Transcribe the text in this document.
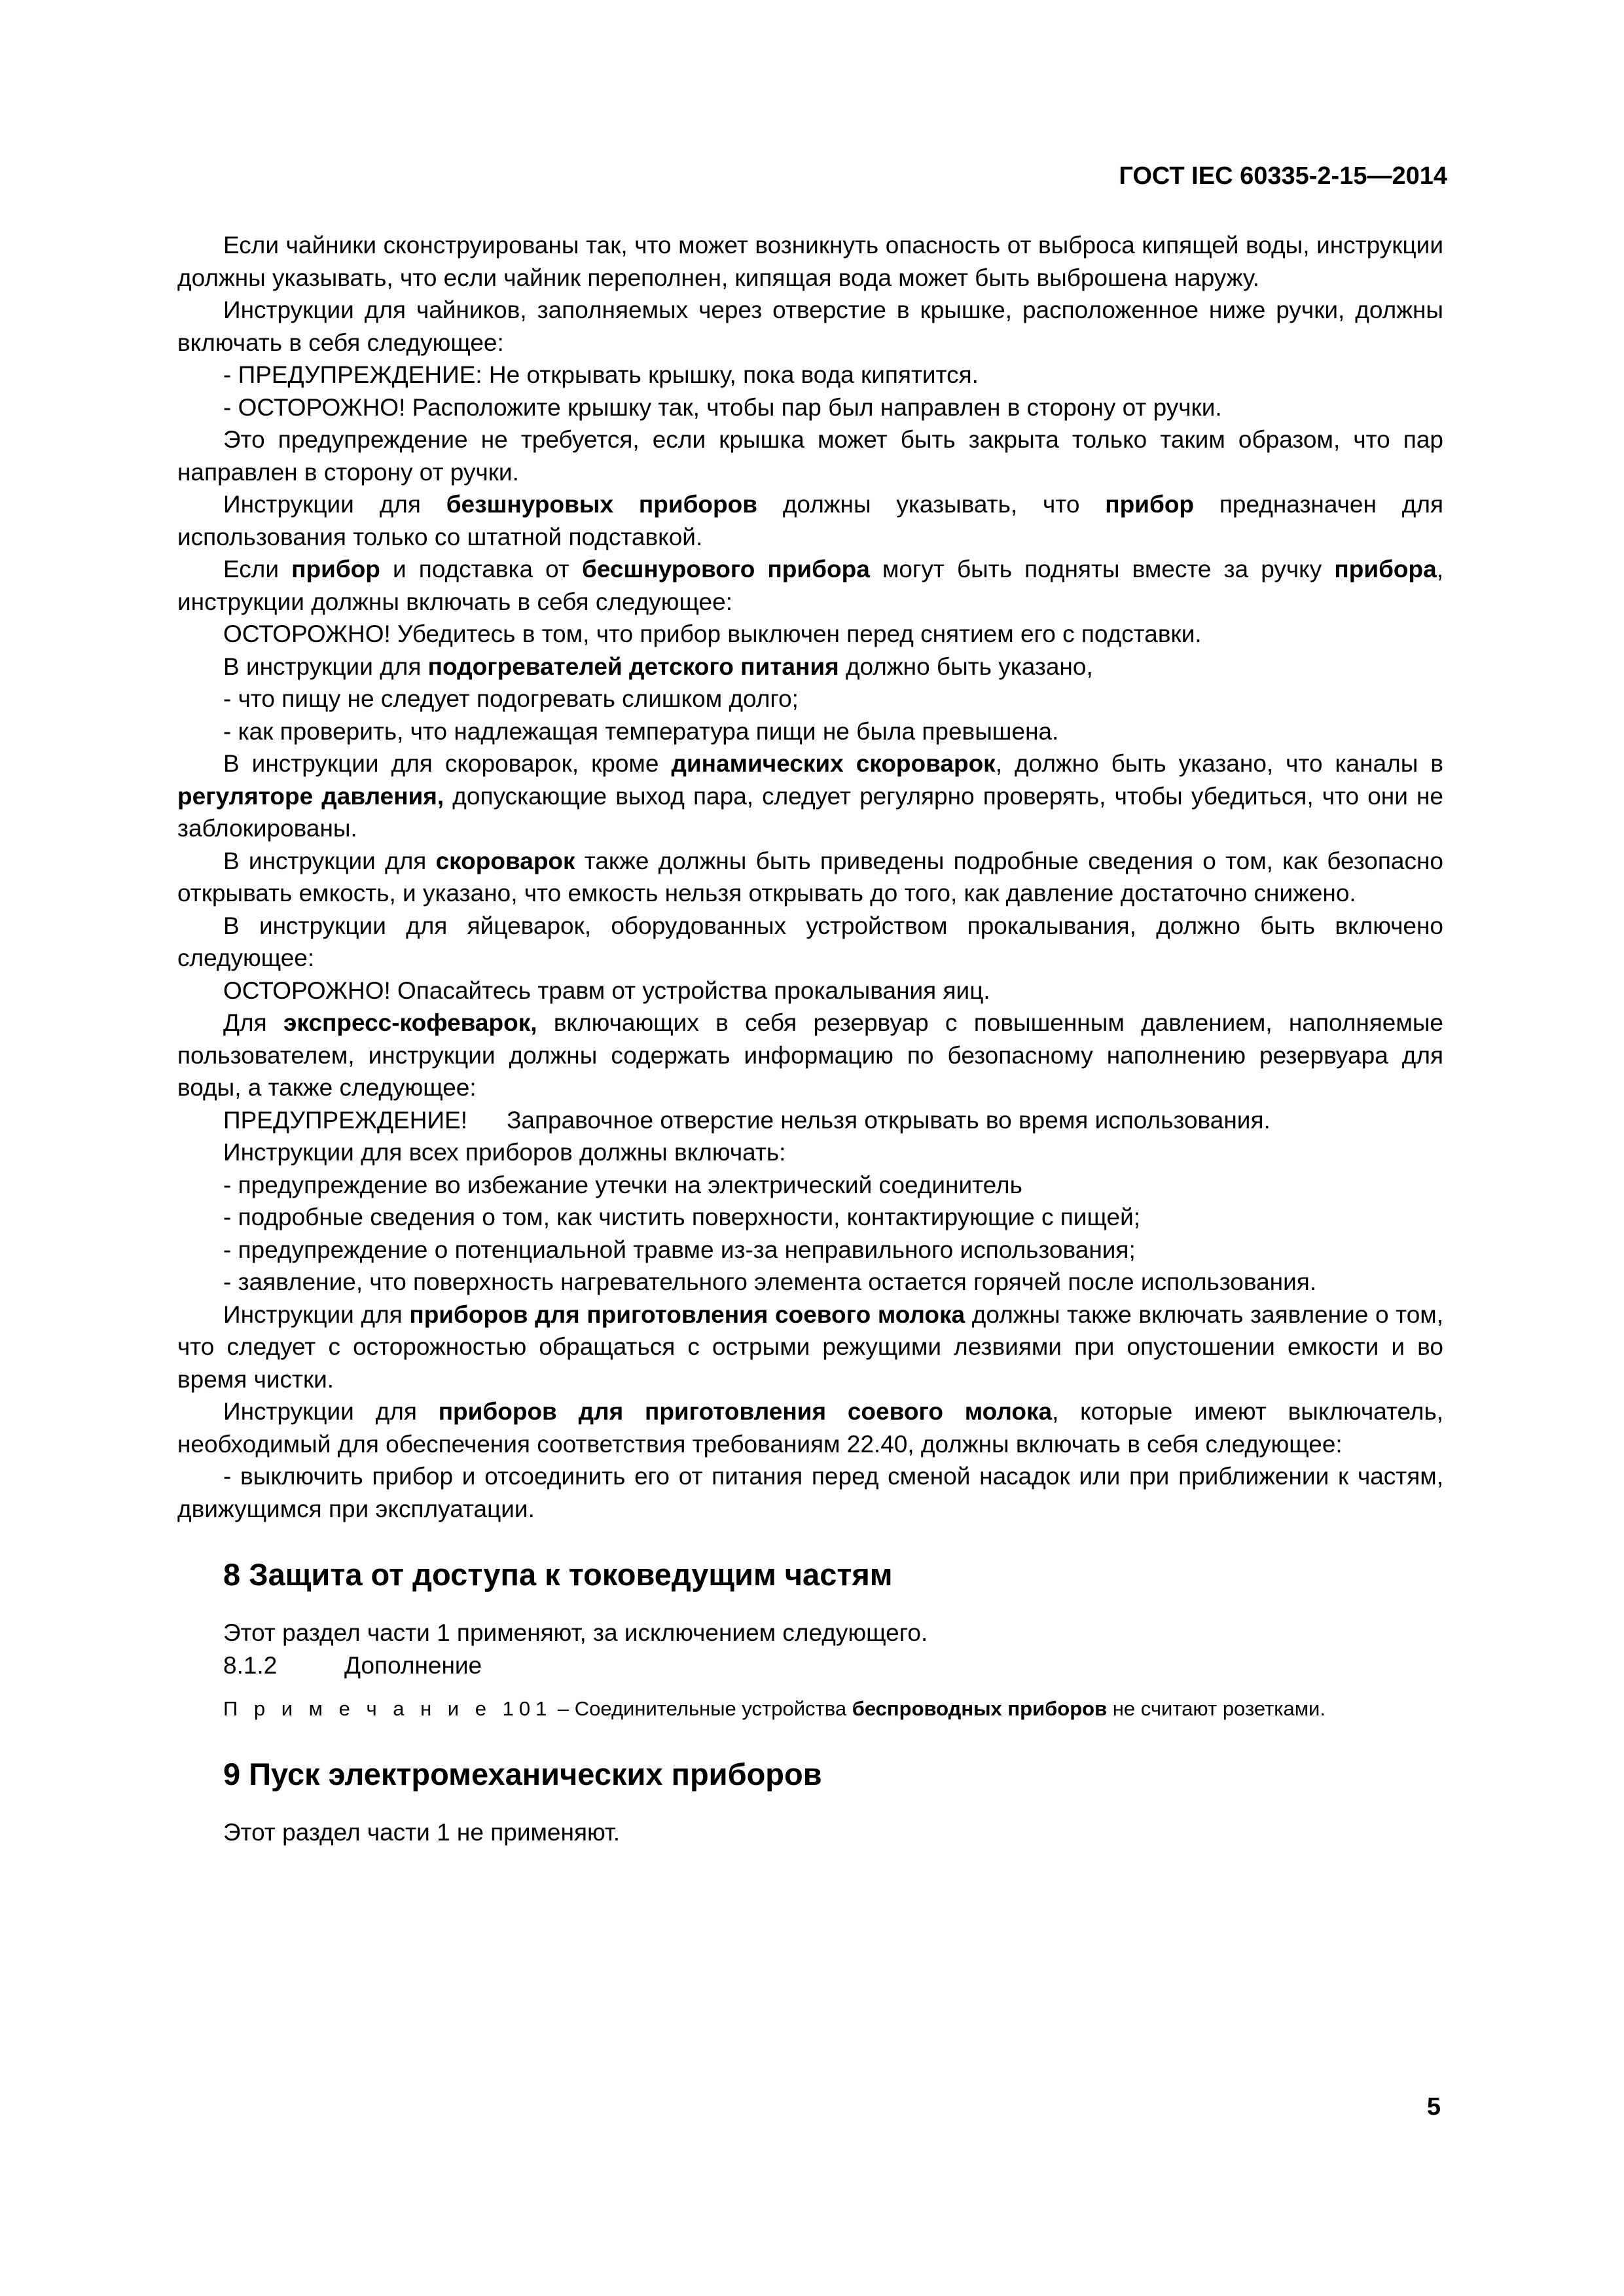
ГОСТ IEC 60335-2-15—2014

Если чайники сконструированы так, что может возникнуть опасность от выброса кипящей воды, инструкции должны указывать, что если чайник переполнен, кипящая вода может быть выброшена наружу.

Инструкции для чайников, заполняемых через отверстие в крышке, расположенное ниже ручки, должны включать в себя следующее:

- ПРЕДУПРЕЖДЕНИЕ: Не открывать крышку, пока вода кипятится.

- ОСТОРОЖНО! Расположите крышку так, чтобы пар был направлен в сторону от ручки.

Это предупреждение не требуется, если крышка может быть закрыта только таким образом, что пар направлен в сторону от ручки.

Инструкции для безшнуровых приборов должны указывать, что прибор предназначен для использования только со штатной подставкой.

Если прибор и подставка от бесшнурового прибора могут быть подняты вместе за ручку прибора, инструкции должны включать в себя следующее:

ОСТОРОЖНО! Убедитесь в том, что прибор выключен перед снятием его с подставки.

В инструкции для подогревателей детского питания должно быть указано,

- что пищу не следует подогревать слишком долго;

- как проверить, что надлежащая температура пищи не была превышена.

В инструкции для скороварок, кроме динамических скороварок, должно быть указано, что каналы в регуляторе давления, допускающие выход пара, следует регулярно проверять, чтобы убедиться, что они не заблокированы.

В инструкции для скороварок также должны быть приведены подробные сведения о том, как безопасно открывать емкость, и указано, что емкость нельзя открывать до того, как давление достаточно снижено.

В инструкции для яйцеварок, оборудованных устройством прокалывания, должно быть включено следующее:

ОСТОРОЖНО! Опасайтесь травм от устройства прокалывания яиц.

Для экспресс-кофеварок, включающих в себя резервуар с повышенным давлением, наполняемые пользователем, инструкции должны содержать информацию по безопасному наполнению резервуара для воды, а также следующее:

ПРЕДУПРЕЖДЕНИЕ! Заправочное отверстие нельзя открывать во время использования.

Инструкции для всех приборов должны включать:

- предупреждение во избежание утечки на электрический соединитель

- подробные сведения о том, как чистить поверхности, контактирующие с пищей;

- предупреждение о потенциальной травме из-за неправильного использования;

- заявление, что поверхность нагревательного элемента остается горячей после использования.

Инструкции для приборов для приготовления соевого молока должны также включать заявление о том, что следует с осторожностью обращаться с острыми режущими лезвиями при опустошении емкости и во время чистки.

Инструкции для приборов для приготовления соевого молока, которые имеют выключатель, необходимый для обеспечения соответствия требованиям 22.40, должны включать в себя следующее:

- выключить прибор и отсоединить его от питания перед сменой насадок или при приближении к частям, движущимся при эксплуатации.

8 Защита от доступа к токоведущим частям

Этот раздел части 1 применяют, за исключением следующего.

8.1.2	Дополнение

П р и м е ч а н и е 101 – Соединительные устройства беспроводных приборов не считают розетками.

9 Пуск электромеханических приборов

Этот раздел части 1 не применяют.

5
